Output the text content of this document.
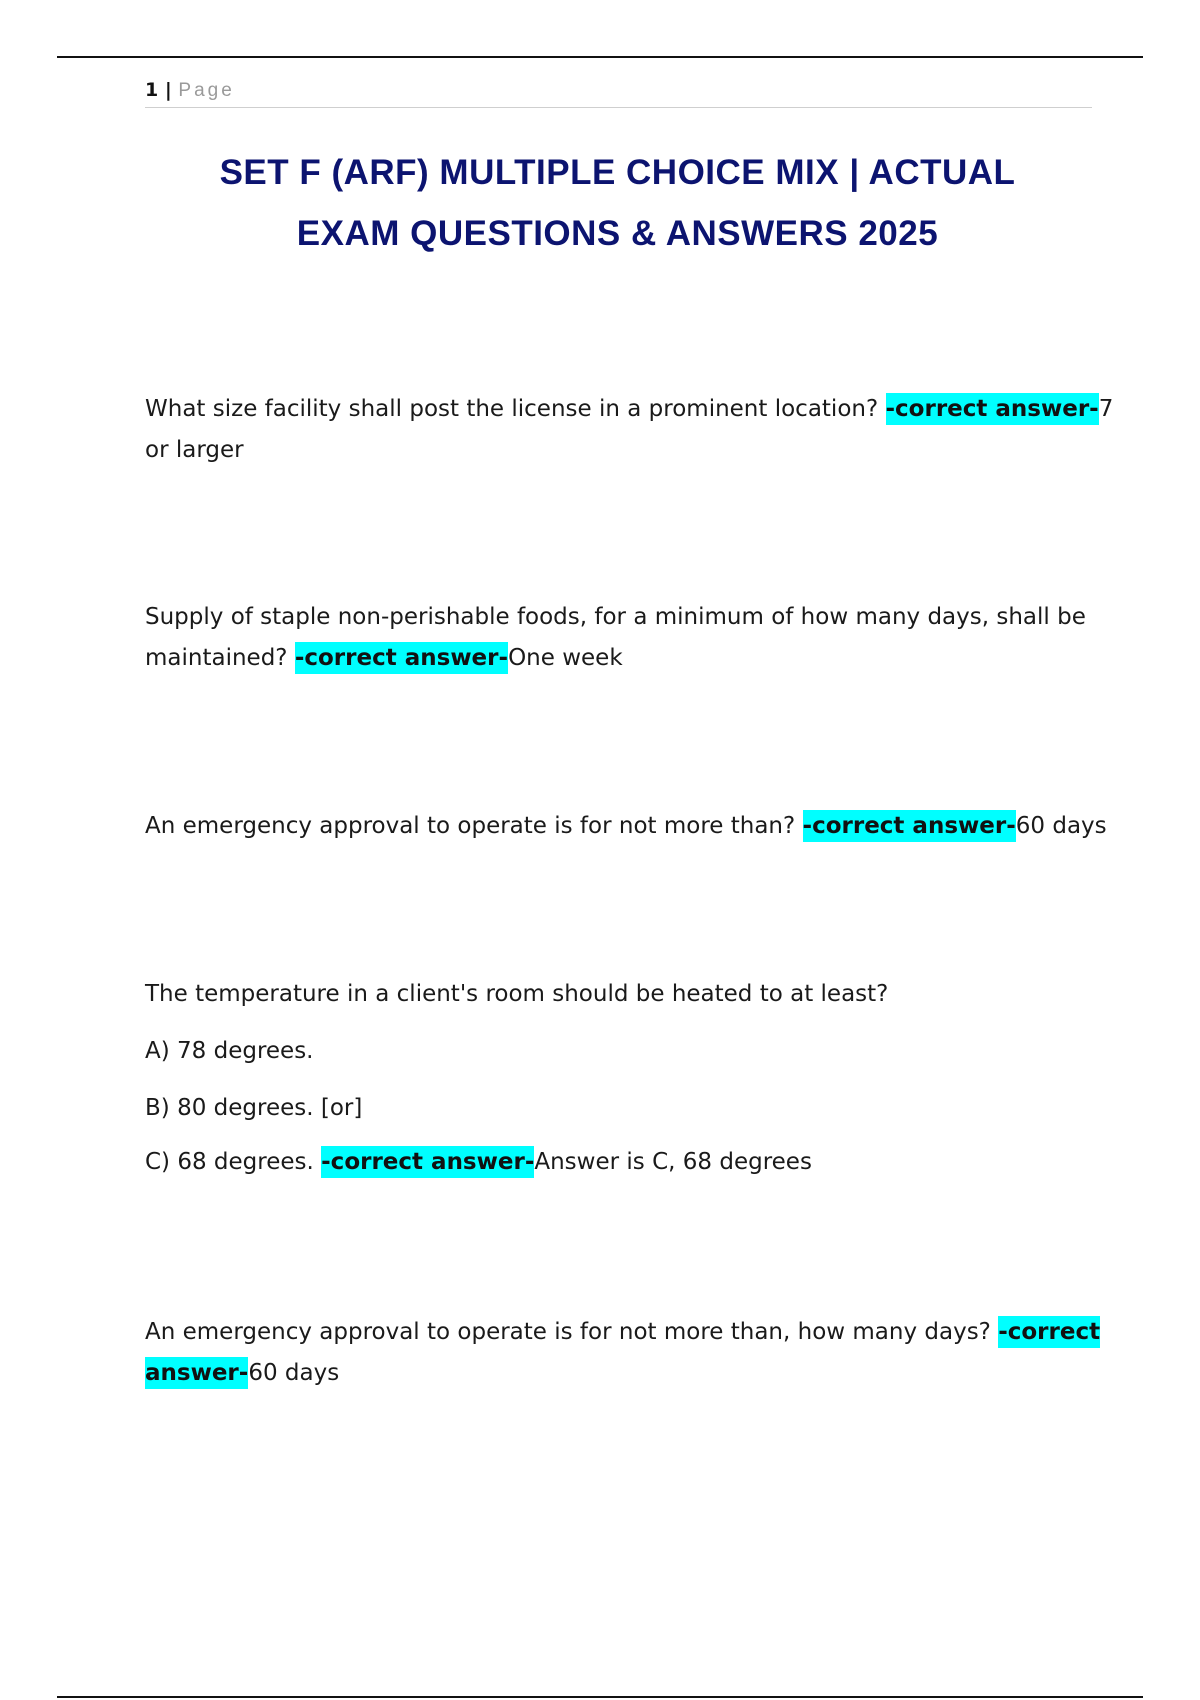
1 | Page
SET F (ARF) MULTIPLE CHOICE MIX | ACTUAL
EXAM QUESTIONS & ANSWERS 2025
What size facility shall post the license in a prominent location? -correct answer-7
or larger
Supply of staple non-perishable foods, for a minimum of how many days, shall be
maintained? -correct answer-One week
An emergency approval to operate is for not more than? -correct answer-60 days
The temperature in a client's room should be heated to at least?
A) 78 degrees.
B) 80 degrees. [or]
C) 68 degrees. -correct answer-Answer is C, 68 degrees
An emergency approval to operate is for not more than, how many days? -correct
answer-60 days
